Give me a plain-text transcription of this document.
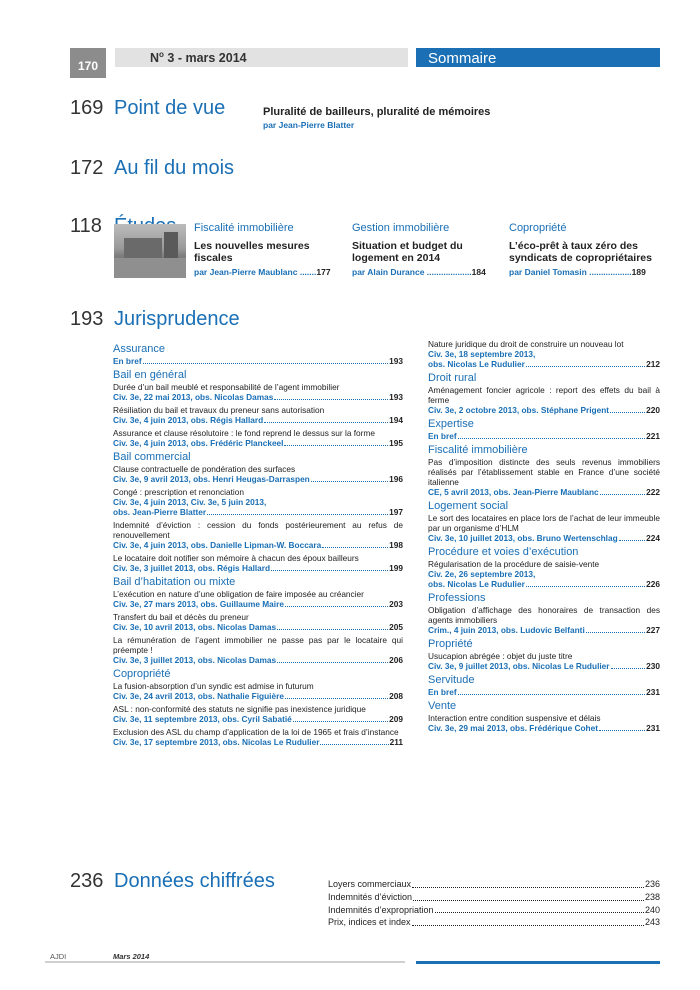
170
$N^o$ 3 - mars 2014	Sommaire
169 Point de vue	Pluralité de bailleurs, pluralité de mémoires
par Jean-Pierre Blatter
172 Au fil du mois
118	Fiscalité immobilière
Les nouvelles mesures fiscales
par Jean-Pierre Maublanc .......177
Gestion immobilière
Situation et budget du logement en 2014
par Alain Durance ...................184
Copropriété
L’éco-prêt à taux zéro des syndicats de copropriétaires
par Daniel Tomasin ..................189
193 Jurisprudence
Assurance
En bref	193
Bail en général
Durée d’un bail meublé et responsabilité de l’agent immobilier
Civ. 3e, 22 mai 2013, obs. Nicolas Damas	193
Résiliation du bail et travaux du preneur sans autorisation
Civ. 3e, 4 juin 2013, obs. Régis Hallard	194
Assurance et clause résolutoire : le fond reprend le dessus sur la forme
Civ. 3e, 4 juin 2013, obs. Frédéric Planckeel	195
Bail commercial
Clause contractuelle de pondération des surfaces
Civ. 3e, 9 avril 2013, obs. Henri Heugas-Darraspen	196
Congé : prescription et renonciation
Civ. 3e, 4 juin 2013, Civ. 3e, 5 juin 2013,
obs. Jean-Pierre Blatter	197
Indemnité d’éviction : cession du fonds postérieurement au refus de renouvellement
Civ. 3e, 4 juin 2013, obs. Danielle Lipman-W. Boccara	198
Le locataire doit notifier son mémoire à chacun des époux bailleurs
Civ. 3e, 3 juillet 2013, obs. Régis Hallard	199
Bail d’habitation ou mixte
L’exécution en nature d’une obligation de faire imposée au créancier
Civ. 3e, 27 mars 2013, obs. Guillaume Maire	203
Transfert du bail et décès du preneur
Civ. 3e, 10 avril 2013, obs. Nicolas Damas	205
La rémunération de l’agent immobilier ne passe pas par le locataire qui préempte !
Civ. 3e, 3 juillet 2013, obs. Nicolas Damas	206
Copropriété
La fusion-absorption d’un syndic est admise in futurum
Civ. 3e, 24 avril 2013, obs. Nathalie Figuière	208
ASL : non-conformité des statuts ne signifie pas inexistence juridique
Civ. 3e, 11 septembre 2013, obs. Cyril Sabatié	209
Exclusion des ASL du champ d’application de la loi de 1965 et frais d’instance
Civ. 3e, 17 septembre 2013, obs. Nicolas Le Rudulier	211
Nature juridique du droit de construire un nouveau lot
Civ. 3e, 18 septembre 2013,
obs. Nicolas Le Rudulier	212
Droit rural
Aménagement foncier agricole : report des effets du bail à ferme
Civ. 3e, 2 octobre 2013, obs. Stéphane Prigent	220
Expertise
En bref	221
Fiscalité immobilière
Pas d’imposition distincte des seuls revenus immobiliers réalisés par l’établissement stable en France d’une société italienne
CE, 5 avril 2013, obs. Jean-Pierre Maublanc	222
Logement social
Le sort des locataires en place lors de l’achat de leur immeuble par un organisme d’HLM
Civ. 3e, 10 juillet 2013, obs. Bruno Wertenschlag	224
Procédure et voies d’exécution
Régularisation de la procédure de saisie-vente
Civ. 2e, 26 septembre 2013,
obs. Nicolas Le Rudulier	226
Professions
Obligation d’affichage des honoraires de transaction des agents immobiliers
Crim., 4 juin 2013, obs. Ludovic Belfanti	227
Propriété
Usucapion abrégée : objet du juste titre
Civ. 3e, 9 juillet 2013, obs. Nicolas Le Rudulier	230
Servitude
En bref	231
Vente
Interaction entre condition suspensive et délais
Civ. 3e, 29 mai 2013, obs. Frédérique Cohet	231
236 Données chiffrées	Loyers commerciaux	236
Indemnités d’éviction	238
Indemnités d’expropriation	240
Prix, indices et index	243
AJDI	Mars 2014
